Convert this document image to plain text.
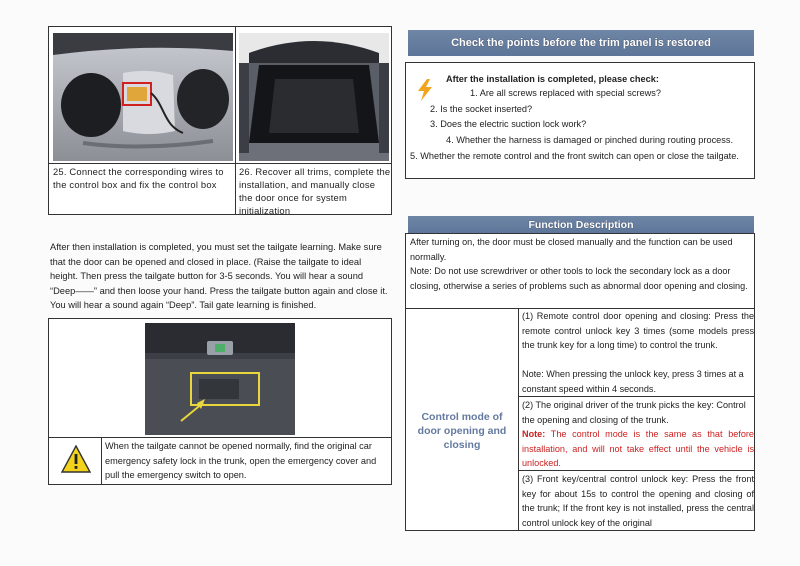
25. Connect the corresponding wires to the control box and fix the control box
26. Recover all trims, complete the installation, and manually close the door once for system initialization
After then installation is completed, you must set the tailgate learning. Make sure that the door can be opened and closed in place. (Raise the tailgate to ideal height. Then press the tailgate button for 3-5 seconds. You will hear a sound
“Deep——” and then loose your hand. Press the tailgate button again and close it. You will hear a sound again “Deep”. Tail gate learning is finished.
When the tailgate cannot be opened normally, find the original car emergency safety lock in the trunk, open the emergency cover and pull the emergency switch to open.
Check the points before the trim panel is restored
After the installation is completed, please check:
1. Are all screws replaced with special screws?
2. Is the socket inserted?
3. Does the electric suction lock work?
4. Whether the harness is damaged or pinched during routing process.
5. Whether the remote control and the front switch can open or close the tailgate.
Function Description
After turning on, the door must be closed manually and the function can be used normally.
Note: Do not use screwdriver or other tools to lock the secondary lock as a door closing, otherwise a series of problems such as abnormal door opening and closing.
Control mode of door opening and closing
(1) Remote control door opening and closing: Press the remote control unlock key 3 times (some models press the trunk key for a long time) to control the trunk.
Note: When pressing the unlock key, press 3 times at a constant speed within 4 seconds.
(2) The original driver of the trunk picks the key: Control the opening and closing of the trunk.
Note: The control mode is the same as that before installation, and will not take effect until the vehicle is unlocked.
(3) Front key/central control unlock key: Press the front key for about 15s to control the opening and closing of the trunk; If the front key is not installed, press the central control unlock key of the original
